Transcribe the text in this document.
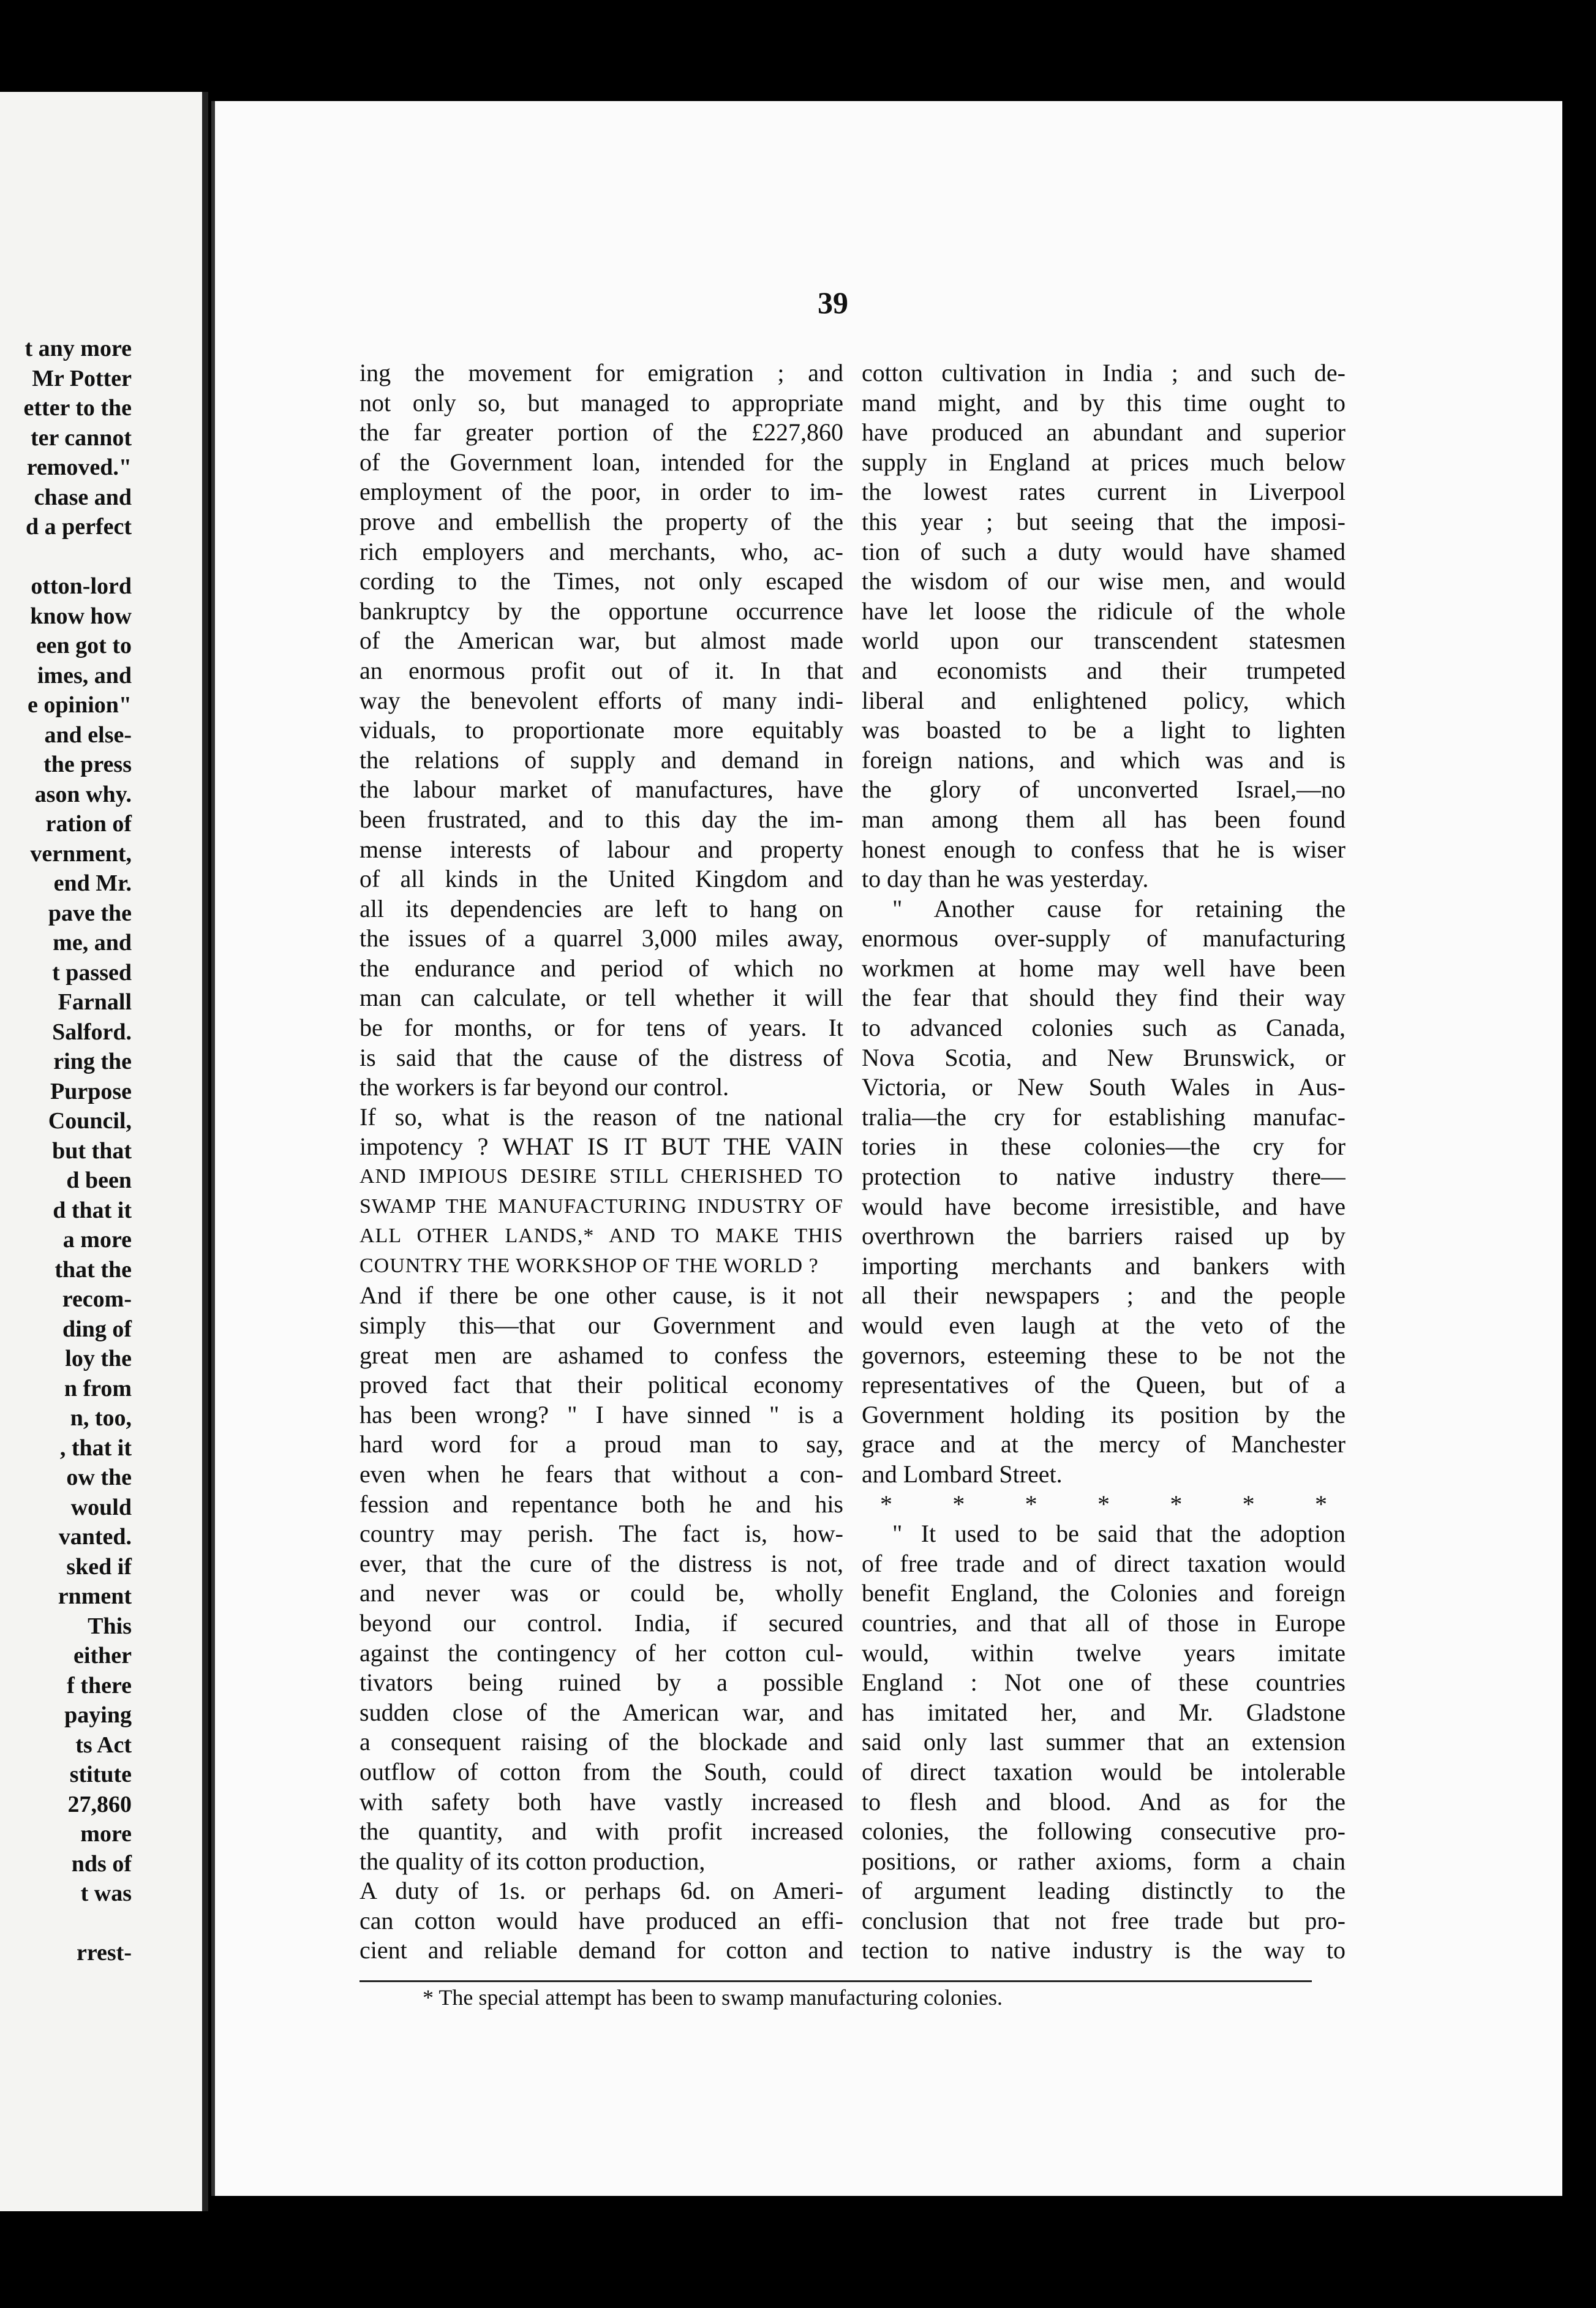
t any more
Mr Potter
etter to the
ter cannot
removed."
chase and
d a perfect
otton-lord
know how
een got to
imes, and
e opinion"
and else-
the press
ason why.
ration of
vernment,
end Mr.
pave the
me, and
t passed
Farnall
Salford.
ring the
Purpose
Council,
but that
d been
d that it
a more
that the
recom-
ding of
loy the
n from
n, too,
, that it
ow the
would
vanted.
sked if
rnment
This
either
f there
paying
ts Act
stitute
27,860
more
nds of
t was
rrest-
39
ing the movement for emigration ; and
not only so, but managed to appropriate
the far greater portion of the £227,860
of the Government loan, intended for the
employment of the poor, in order to im-
prove and embellish the property of the
rich employers and merchants, who, ac-
cording to the Times, not only escaped
bankruptcy by the opportune occurrence
of the American war, but almost made
an enormous profit out of it. In that
way the benevolent efforts of many indi-
viduals, to proportionate more equitably
the relations of supply and demand in
the labour market of manufactures, have
been frustrated, and to this day the im-
mense interests of labour and property
of all kinds in the United Kingdom and
all its dependencies are left to hang on
the issues of a quarrel 3,000 miles away,
the endurance and period of which no
man can calculate, or tell whether it will
be for months, or for tens of years. It
is said that the cause of the distress of
the workers is far beyond our control.
If so, what is the reason of tne national
impotency ? WHAT IS IT BUT THE VAIN
AND IMPIOUS DESIRE STILL CHERISHED TO
SWAMP THE MANUFACTURING INDUSTRY OF
ALL OTHER LANDS,* AND TO MAKE THIS
COUNTRY THE WORKSHOP OF THE WORLD ?
And if there be one other cause, is it not
simply this—that our Government and
great men are ashamed to confess the
proved fact that their political economy
has been wrong? " I have sinned " is a
hard word for a proud man to say,
even when he fears that without a con-
fession and repentance both he and his
country may perish. The fact is, how-
ever, that the cure of the distress is not,
and never was or could be, wholly
beyond our control. India, if secured
against the contingency of her cotton cul-
tivators being ruined by a possible
sudden close of the American war, and
a consequent raising of the blockade and
outflow of cotton from the South, could
with safety both have vastly increased
the quantity, and with profit increased
the quality of its cotton production,
A duty of 1s. or perhaps 6d. on Ameri-
can cotton would have produced an effi-
cient and reliable demand for cotton and
cotton cultivation in India ; and such de-
mand might, and by this time ought to
have produced an abundant and superior
supply in England at prices much below
the lowest rates current in Liverpool
this year ; but seeing that the imposi-
tion of such a duty would have shamed
the wisdom of our wise men, and would
have let loose the ridicule of the whole
world upon our transcendent statesmen
and economists and their trumpeted
liberal and enlightened policy, which
was boasted to be a light to lighten
foreign nations, and which was and is
the glory of unconverted Israel,—no
man among them all has been found
honest enough to confess that he is wiser
to day than he was yesterday.
" Another cause for retaining the
enormous over-supply of manufacturing
workmen at home may well have been
the fear that should they find their way
to advanced colonies such as Canada,
Nova Scotia, and New Brunswick, or
Victoria, or New South Wales in Aus-
tralia—the cry for establishing manufac-
tories in these colonies—the cry for
protection to native industry there—
would have become irresistible, and have
overthrown the barriers raised up by
importing merchants and bankers with
all their newspapers ; and the people
would even laugh at the veto of the
governors, esteeming these to be not the
representatives of the Queen, but of a
Government holding its position by the
grace and at the mercy of Manchester
and Lombard Street.
* * * * * * *
" It used to be said that the adoption
of free trade and of direct taxation would
benefit England, the Colonies and foreign
countries, and that all of those in Europe
would, within twelve years imitate
England : Not one of these countries
has imitated her, and Mr. Gladstone
said only last summer that an extension
of direct taxation would be intolerable
to flesh and blood. And as for the
colonies, the following consecutive pro-
positions, or rather axioms, form a chain
of argument leading distinctly to the
conclusion that not free trade but pro-
tection to native industry is the way to
* The special attempt has been to swamp manufacturing colonies.
